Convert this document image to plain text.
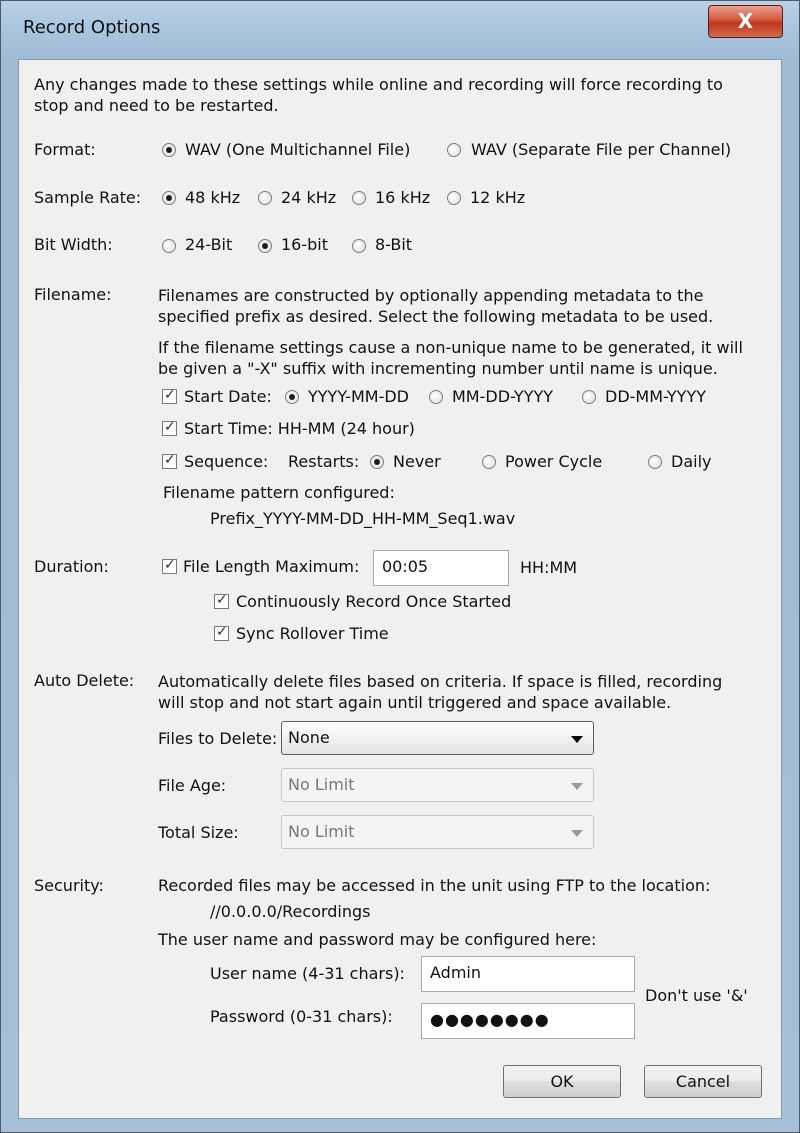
Record Options	X
Any changes made to these settings while online and recording will force recording to stop and need to be restarted.
Format:	WAV (One Multichannel File)	WAV (Separate File per Channel)
Sample Rate:	48 kHz	24 kHz 16 kHz 12 kHz
Bit Width:	24-Bit	16-bit	8-Bit
Filename:	Filenames are constructed by optionally appending metadata to the specified prefix as desired. Select the following metadata to be used.
If the filename settings cause a non-unique name to be generated, it will be given a "-X" suffix with incrementing number until name is unique.
✓
Start Date: YYYY-MM-DD	MM-DD-YYYY	DD-MM-YYYY
✓
Start Time: HH-MM (24 hour)
✓
Sequence: Restarts: Never	Power Cycle	Daily
Filename pattern configured:
Prefix_YYYY-MM-DD_HH-MM_Seq1.wav
Duration:
✓	File Length Maximum:	00:05	HH:MM
✓
Continuously Record Once Started
✓
Sync Rollover Time
Auto Delete: Automatically delete files based on criteria. If space is filled, recording will stop and not start again until triggered and space available.
Files to Delete: None
File Age:	No Limit
Total Size:	No Limit
Security:	Recorded files may be accessed in the unit using FTP to the location:
//0.0.0.0/Recordings
The user name and password may be configured here:
User name (4-31 chars):	Admin
Don't use '&'
Password (0-31 chars):	●●●●●●●●
OK	Cancel
